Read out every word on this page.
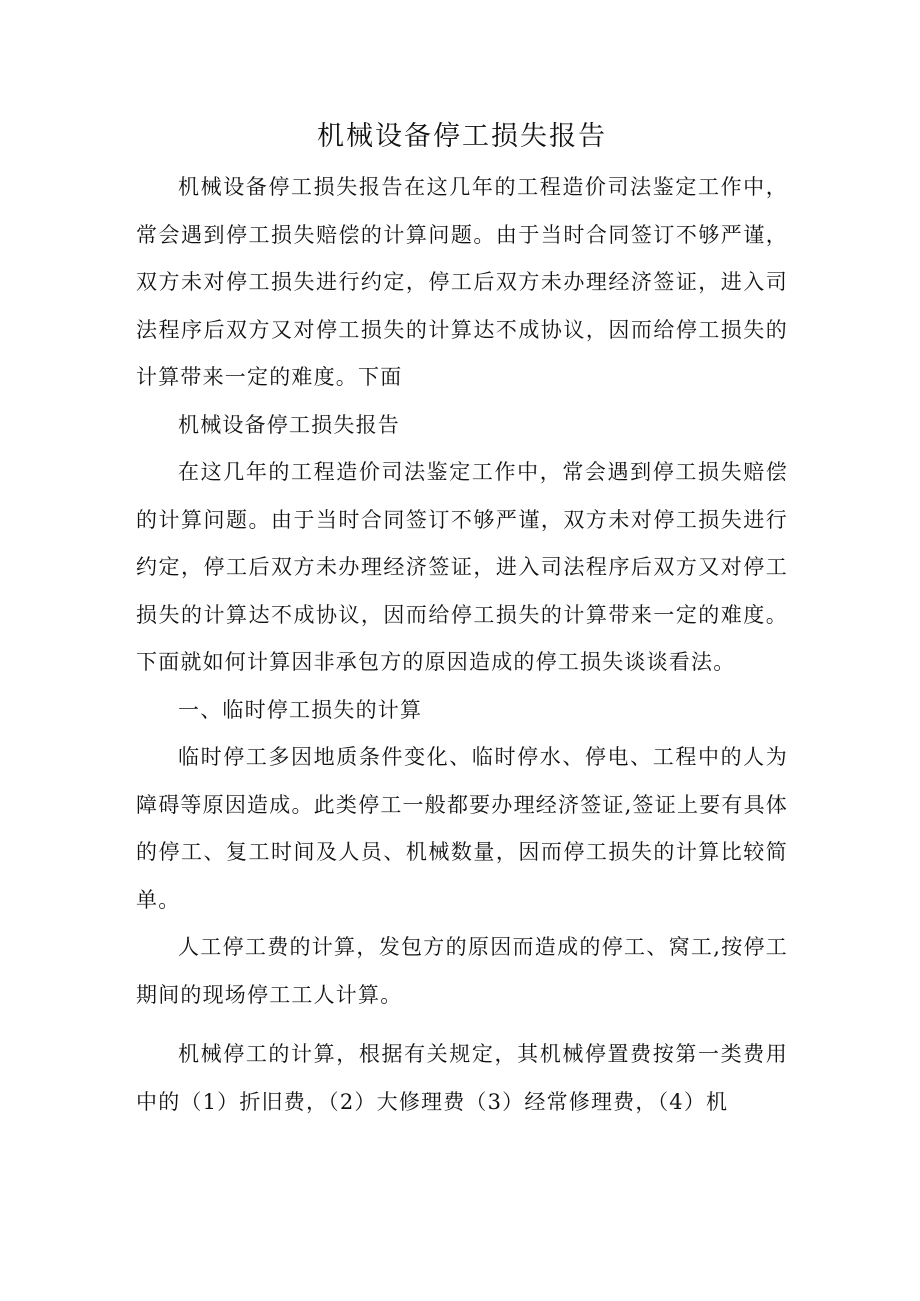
机械设备停工损失报告

机械设备停工损失报告在这几年的工程造价司法鉴定工作中，常会遇到停工损失赔偿的计算问题。由于当时合同签订不够严谨，双方未对停工损失进行约定，停工后双方未办理经济签证，进入司法程序后双方又对停工损失的计算达不成协议，因而给停工损失的计算带来一定的难度。下面

机械设备停工损失报告

在这几年的工程造价司法鉴定工作中，常会遇到停工损失赔偿的计算问题。由于当时合同签订不够严谨，双方未对停工损失进行约定，停工后双方未办理经济签证，进入司法程序后双方又对停工损失的计算达不成协议，因而给停工损失的计算带来一定的难度。下面就如何计算因非承包方的原因造成的停工损失谈谈看法。

一、临时停工损失的计算

临时停工多因地质条件变化、临时停水、停电、工程中的人为障碍等原因造成。此类停工一般都要办理经济签证,签证上要有具体的停工、复工时间及人员、机械数量，因而停工损失的计算比较简单。

人工停工费的计算，发包方的原因而造成的停工、窝工,按停工期间的现场停工工人计算。

机械停工的计算，根据有关规定，其机械停置费按第一类费用中的（1）折旧费，（2）大修理费（3）经常修理费，（4）机
